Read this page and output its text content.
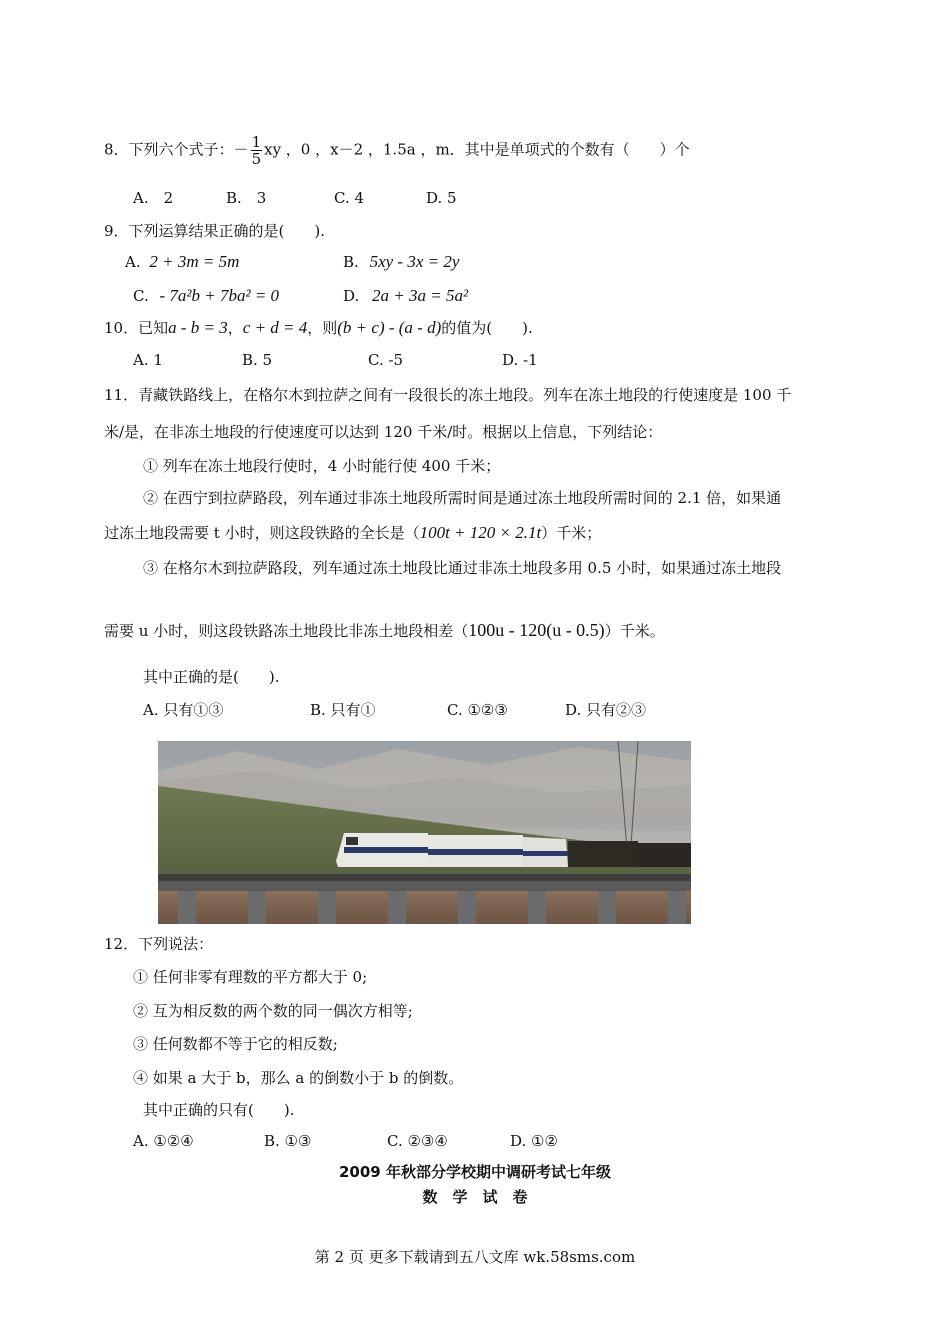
8．下列六个式子：－ $\frac{1}{5}$ xy ，0 ，x－2 ，1.5a ，m．其中是单项式的个数有（　　）个
A.　2	B.　3	C. 4	D. 5
9．下列运算结果正确的是(　　).
A. 2 + 3m = 5m	B. 5xy - 3x = 2y
C. - 7a²b + 7ba² = 0	D. 2a + 3a = 5a²
10．已知a - b = 3，c + d = 4，则(b + c) - (a - d)的值为(　　).
A. 1	B. 5	C. -5	D. -1
11．青藏铁路线上，在格尔木到拉萨之间有一段很长的冻土地段。列车在冻土地段的行使速度是 100 千
米/是，在非冻土地段的行使速度可以达到 120 千米/时。根据以上信息，下列结论：
① 列车在冻土地段行使时，4 小时能行使 400 千米；
② 在西宁到拉萨路段，列车通过非冻土地段所需时间是通过冻土地段所需时间的 2.1 倍，如果通
过冻土地段需要 t 小时，则这段铁路的全长是（100t + 120 × 2.1t）千米；
③ 在格尔木到拉萨路段，列车通过冻土地段比通过非冻土地段多用 0.5 小时，如果通过冻土地段
需要 u 小时，则这段铁路冻土地段比非冻土地段相差（100u - 120(u - 0.5)）千米。
其中正确的是(　　).
A. 只有①③	B. 只有①	C. ①②③	D. 只有②③
12．下列说法：
① 任何非零有理数的平方都大于 0;
② 互为相反数的两个数的同一偶次方相等;
③ 任何数都不等于它的相反数;
④ 如果 a 大于 b，那么 a 的倒数小于 b 的倒数。
其中正确的只有(　　).
A. ①②④	B. ①③	C. ②③④	D. ①②
2009 年秋部分学校期中调研考试七年级
数　学　试　卷
第 2 页 更多下载请到五八文库 wk.58sms.com
